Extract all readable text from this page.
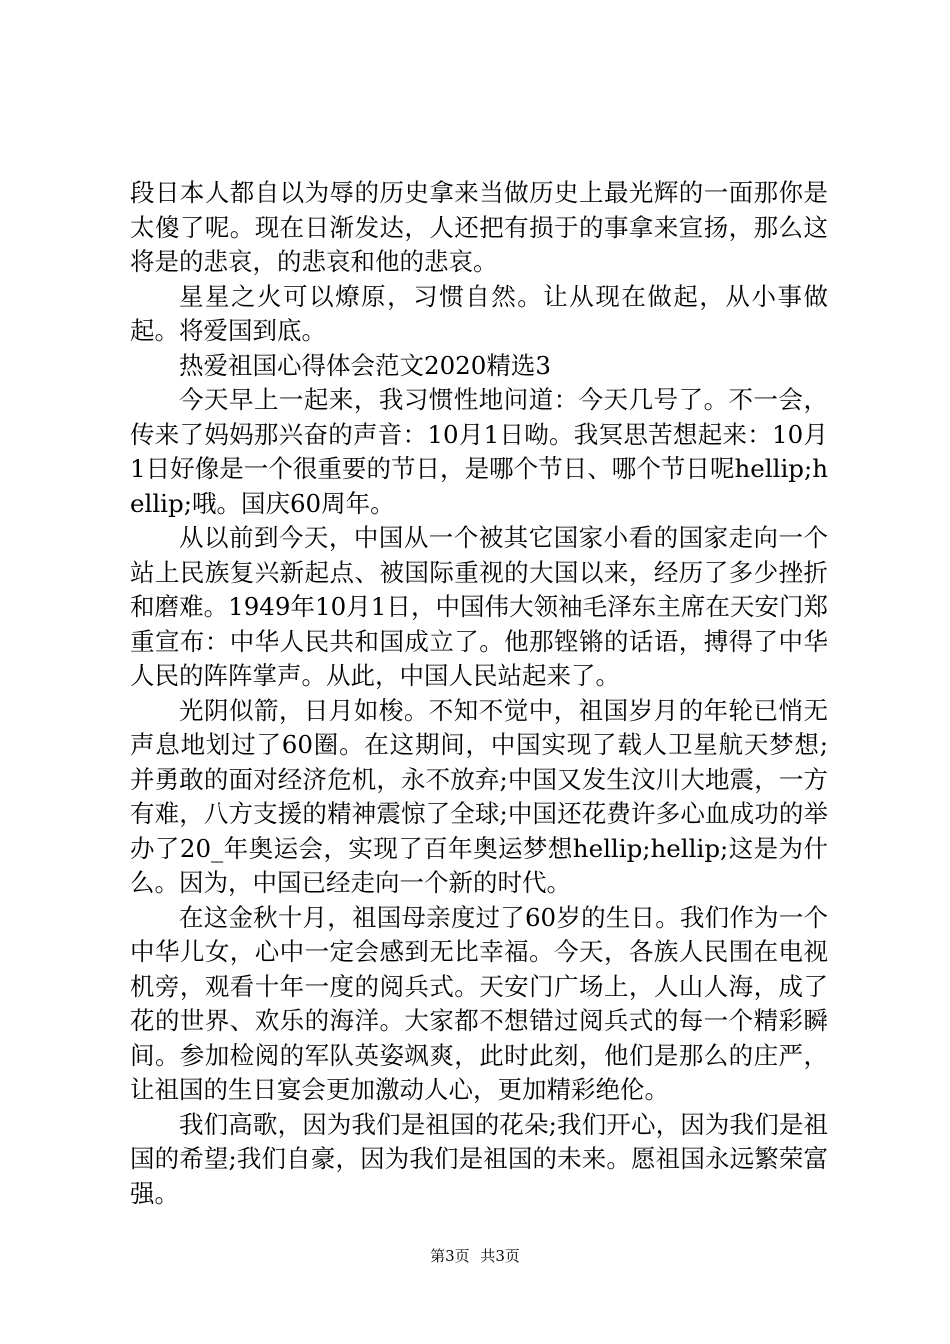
段日本人都自以为辱的历史拿来当做历史上最光辉的一面那你是太傻了呢。现在日渐发达，人还把有损于的事拿来宣扬，那么这将是的悲哀，的悲哀和他的悲哀。

星星之火可以燎原，习惯自然。让从现在做起，从小事做起。将爱国到底。

热爱祖国心得体会范文2020精选3

今天早上一起来，我习惯性地问道：今天几号了。不一会，传来了妈妈那兴奋的声音：10月1日呦。我冥思苦想起来：10月1日好像是一个很重要的节日，是哪个节日、哪个节日呢hellip;hellip;哦。国庆60周年。

从以前到今天，中国从一个被其它国家小看的国家走向一个站上民族复兴新起点、被国际重视的大国以来，经历了多少挫折和磨难。1949年10月1日，中国伟大领袖毛泽东主席在天安门郑重宣布：中华人民共和国成立了。他那铿锵的话语，搏得了中华人民的阵阵掌声。从此，中国人民站起来了。

光阴似箭，日月如梭。不知不觉中，祖国岁月的年轮已悄无声息地划过了60圈。在这期间，中国实现了载人卫星航天梦想;并勇敢的面对经济危机，永不放弃;中国又发生汶川大地震，一方有难，八方支援的精神震惊了全球;中国还花费许多心血成功的举办了20_年奥运会，实现了百年奥运梦想hellip;hellip;这是为什么。因为，中国已经走向一个新的时代。

在这金秋十月，祖国母亲度过了60岁的生日。我们作为一个中华儿女，心中一定会感到无比幸福。今天，各族人民围在电视机旁，观看十年一度的阅兵式。天安门广场上，人山人海，成了花的世界、欢乐的海洋。大家都不想错过阅兵式的每一个精彩瞬间。参加检阅的军队英姿飒爽，此时此刻，他们是那么的庄严，让祖国的生日宴会更加激动人心，更加精彩绝伦。

我们高歌，因为我们是祖国的花朵;我们开心，因为我们是祖国的希望;我们自豪，因为我们是祖国的未来。愿祖国永远繁荣富强。

第3页 共3页
